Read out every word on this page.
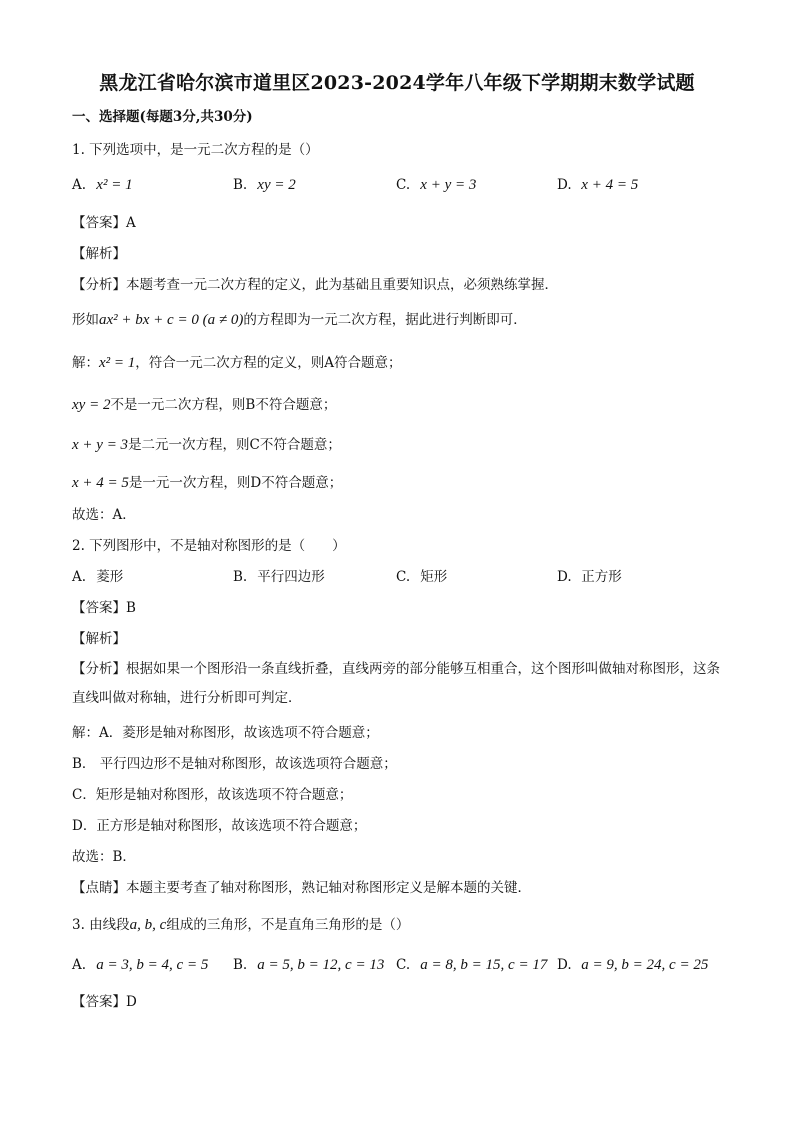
黑龙江省哈尔滨市道里区2023-2024学年八年级下学期期末数学试题
一、选择题(每题3分,共30分)
1. 下列选项中，是一元二次方程的是（）
A. x² = 1	B. xy = 2	C. x + y = 3	D. x + 4 = 5
【答案】A
【解析】
【分析】本题考查一元二次方程的定义，此为基础且重要知识点，必须熟练掌握．
形如ax² + bx + c = 0 (a ≠ 0)的方程即为一元二次方程，据此进行判断即可．
解：x² = 1，符合一元二次方程的定义，则A符合题意；
xy = 2不是一元二次方程，则B不符合题意；
x + y = 3是二元一次方程，则C不符合题意；
x + 4 = 5是一元一次方程，则D不符合题意；
故选：A．
2. 下列图形中，不是轴对称图形的是（　　）
A. 菱形	B. 平行四边形	C. 矩形	D. 正方形
【答案】B
【解析】
【分析】根据如果一个图形沿一条直线折叠，直线两旁的部分能够互相重合，这个图形叫做轴对称图形，这条直线叫做对称轴，进行分析即可判定．
解：A．菱形是轴对称图形，故该选项不符合题意；
B． 平行四边形不是轴对称图形，故该选项符合题意；
C．矩形是轴对称图形，故该选项不符合题意；
D．正方形是轴对称图形，故该选项不符合题意；
故选：B．
【点睛】本题主要考查了轴对称图形，熟记轴对称图形定义是解本题的关键．
3. 由线段a, b, c组成的三角形，不是直角三角形的是（）
A. a = 3, b = 4, c = 5 B. a = 5, b = 12, c = 13 C. a = 8, b = 15, c = 17 D. a = 9, b = 24, c = 25
【答案】D
